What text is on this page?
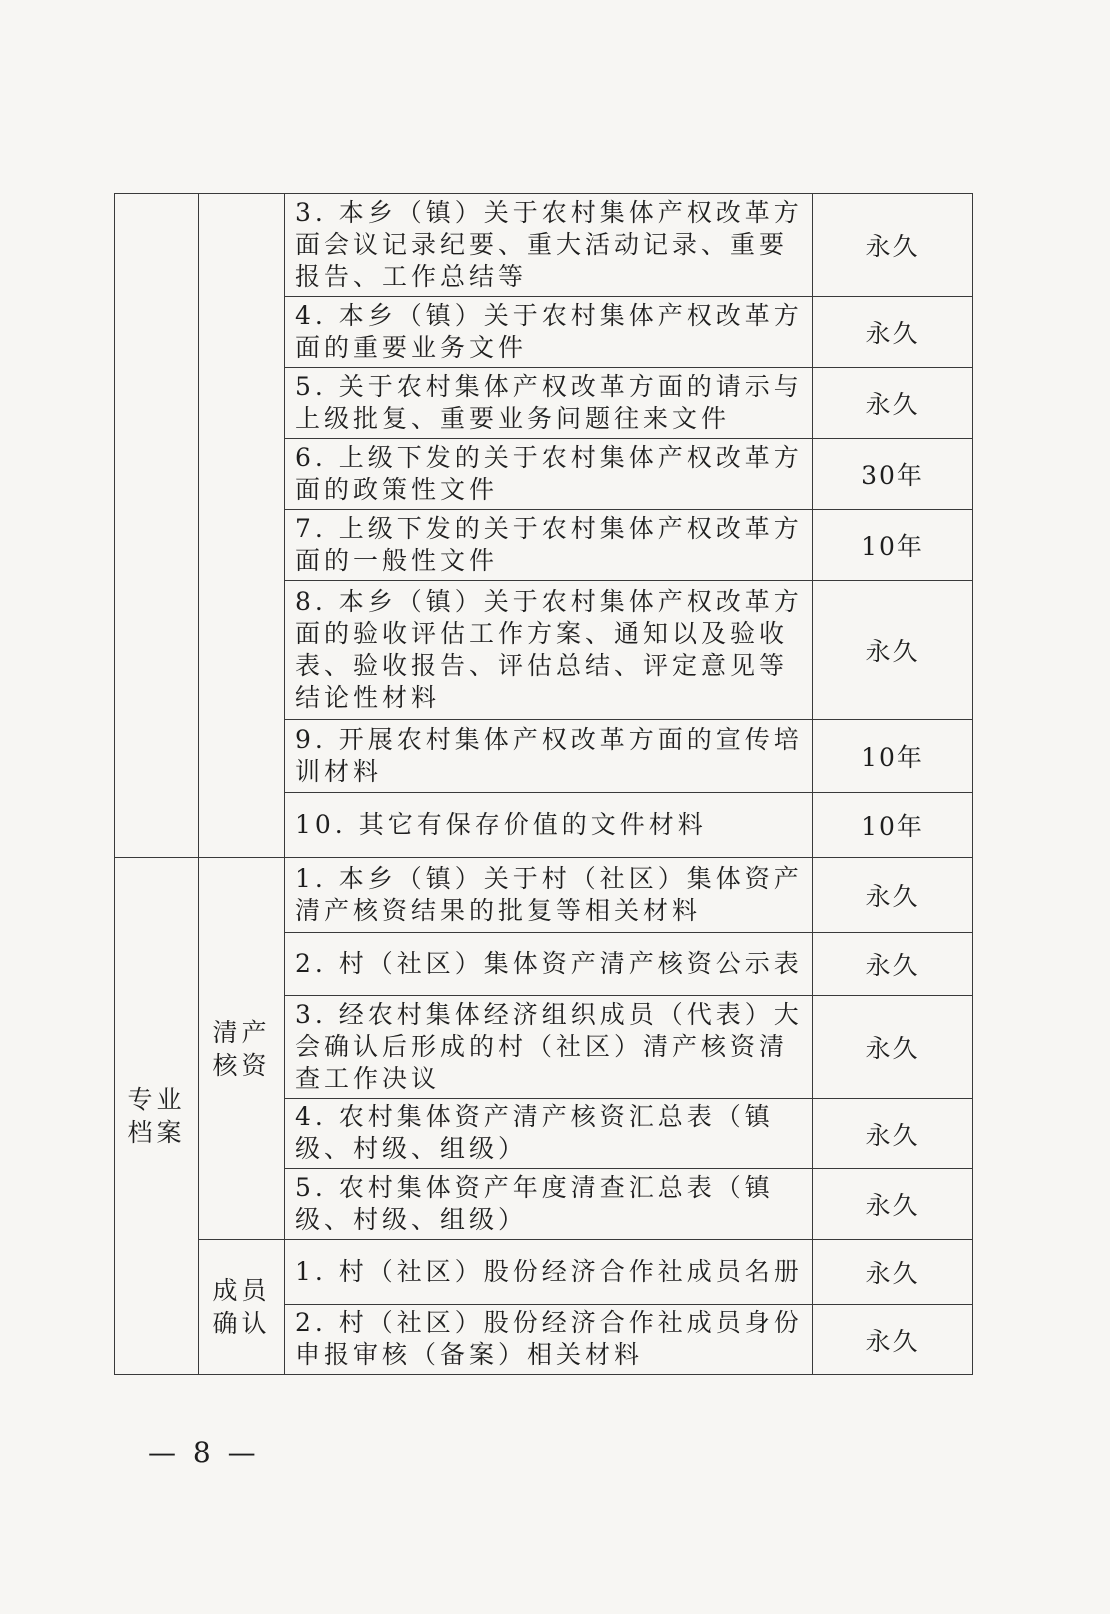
		3. 本乡（镇）关于农村集体产权改革方面会议记录纪要、重大活动记录、重要报告、工作总结等	永久
		4. 本乡（镇）关于农村集体产权改革方面的重要业务文件	永久
		5. 关于农村集体产权改革方面的请示与上级批复、重要业务问题往来文件	永久
		6. 上级下发的关于农村集体产权改革方面的政策性文件	30年
		7. 上级下发的关于农村集体产权改革方面的一般性文件	10年
		8. 本乡（镇）关于农村集体产权改革方面的验收评估工作方案、通知以及验收表、验收报告、评估总结、评定意见等结论性材料	永久
		9. 开展农村集体产权改革方面的宣传培训材料	10年
		10. 其它有保存价值的文件材料	10年
专业档案	清产核资	1. 本乡（镇）关于村（社区）集体资产清产核资结果的批复等相关材料	永久
		2. 村（社区）集体资产清产核资公示表	永久
		3. 经农村集体经济组织成员（代表）大会确认后形成的村（社区）清产核资清查工作决议	永久
		4. 农村集体资产清产核资汇总表（镇级、村级、组级）	永久
		5. 农村集体资产年度清查汇总表（镇级、村级、组级）	永久
	成员确认	1. 村（社区）股份经济合作社成员名册	永久
		2. 村（社区）股份经济合作社成员身份申报审核（备案）相关材料	永久
— 8 —
